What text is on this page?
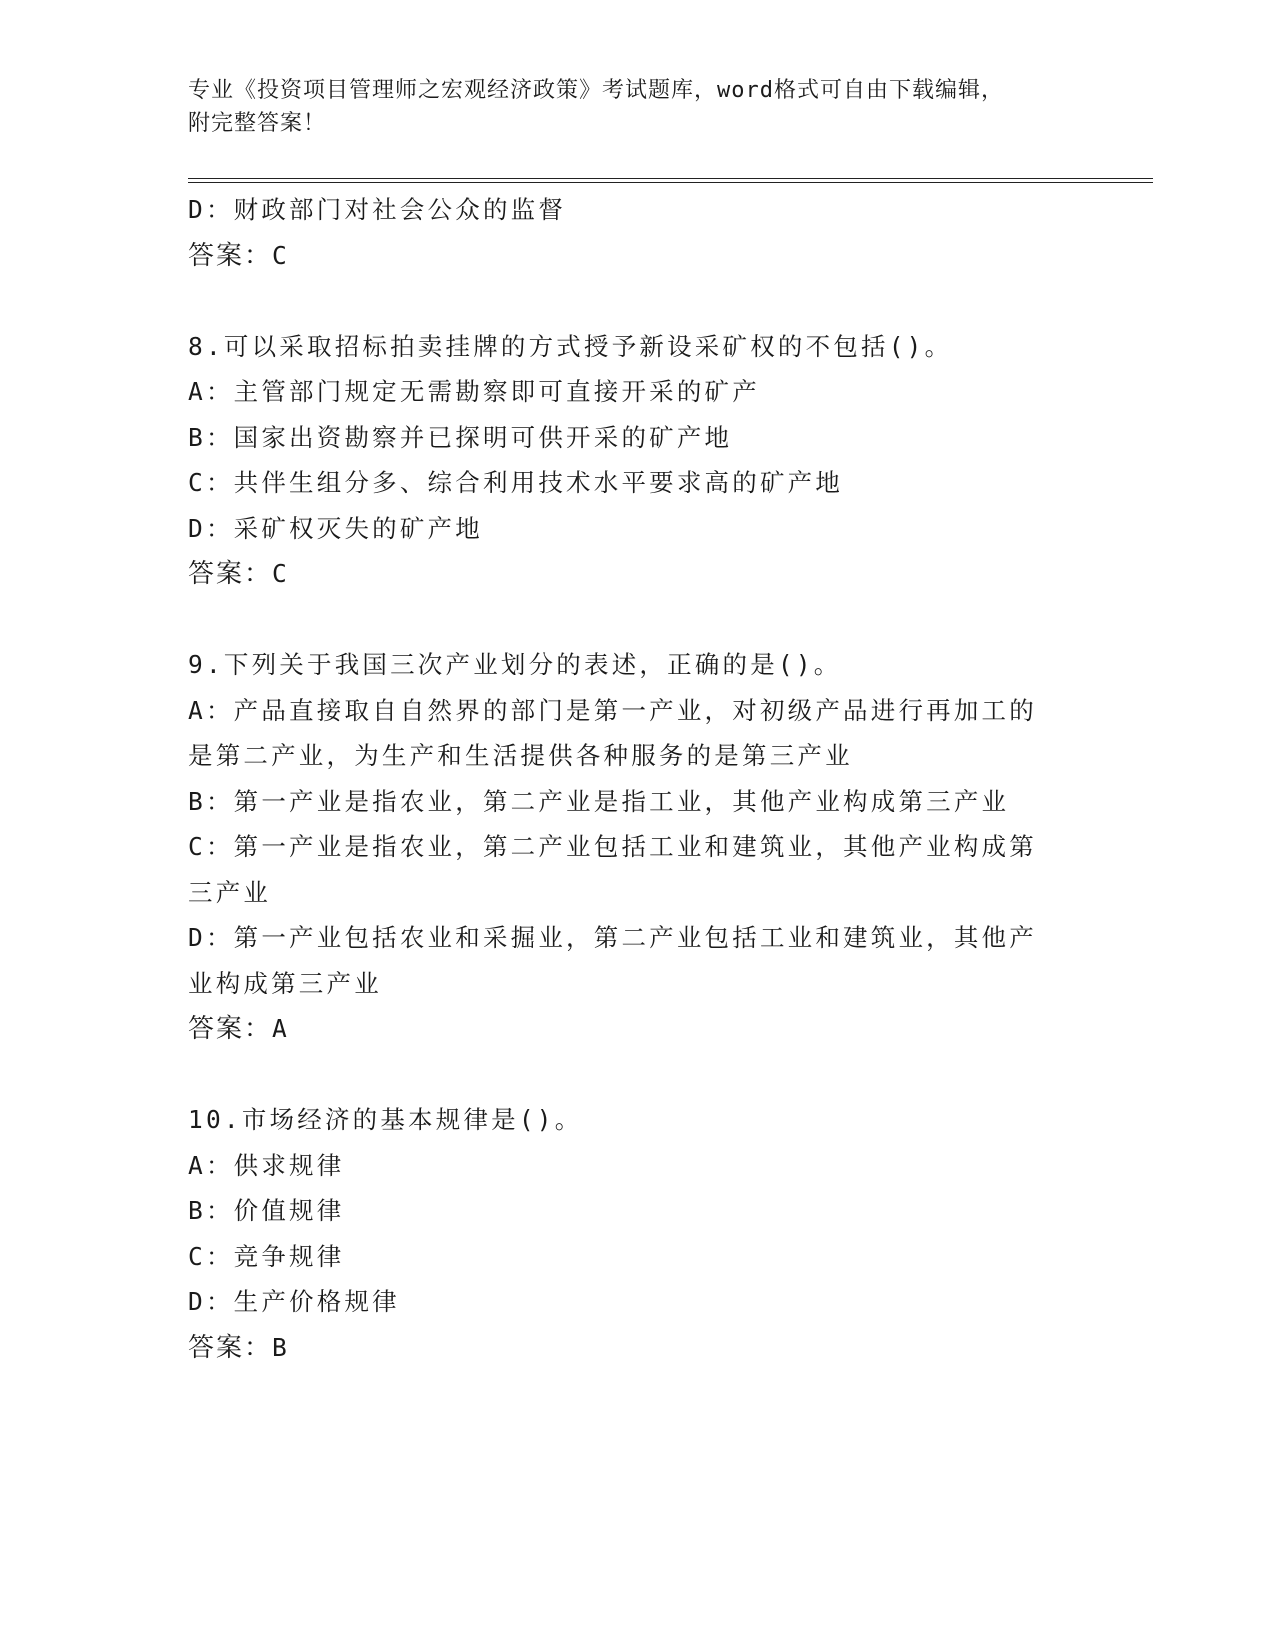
专业《投资项目管理师之宏观经济政策》考试题库，word格式可自由下载编辑，
附完整答案！
D：财政部门对社会公众的监督
答案：C
8.可以采取招标拍卖挂牌的方式授予新设采矿权的不包括()。
A：主管部门规定无需勘察即可直接开采的矿产
B：国家出资勘察并已探明可供开采的矿产地
C：共伴生组分多、综合利用技术水平要求高的矿产地
D：采矿权灭失的矿产地
答案：C
9.下列关于我国三次产业划分的表述，正确的是()。
A：产品直接取自自然界的部门是第一产业，对初级产品进行再加工的
是第二产业，为生产和生活提供各种服务的是第三产业
B：第一产业是指农业，第二产业是指工业，其他产业构成第三产业
C：第一产业是指农业，第二产业包括工业和建筑业，其他产业构成第
三产业
D：第一产业包括农业和采掘业，第二产业包括工业和建筑业，其他产
业构成第三产业
答案：A
10.市场经济的基本规律是()。
A：供求规律
B：价值规律
C：竞争规律
D：生产价格规律
答案：B
